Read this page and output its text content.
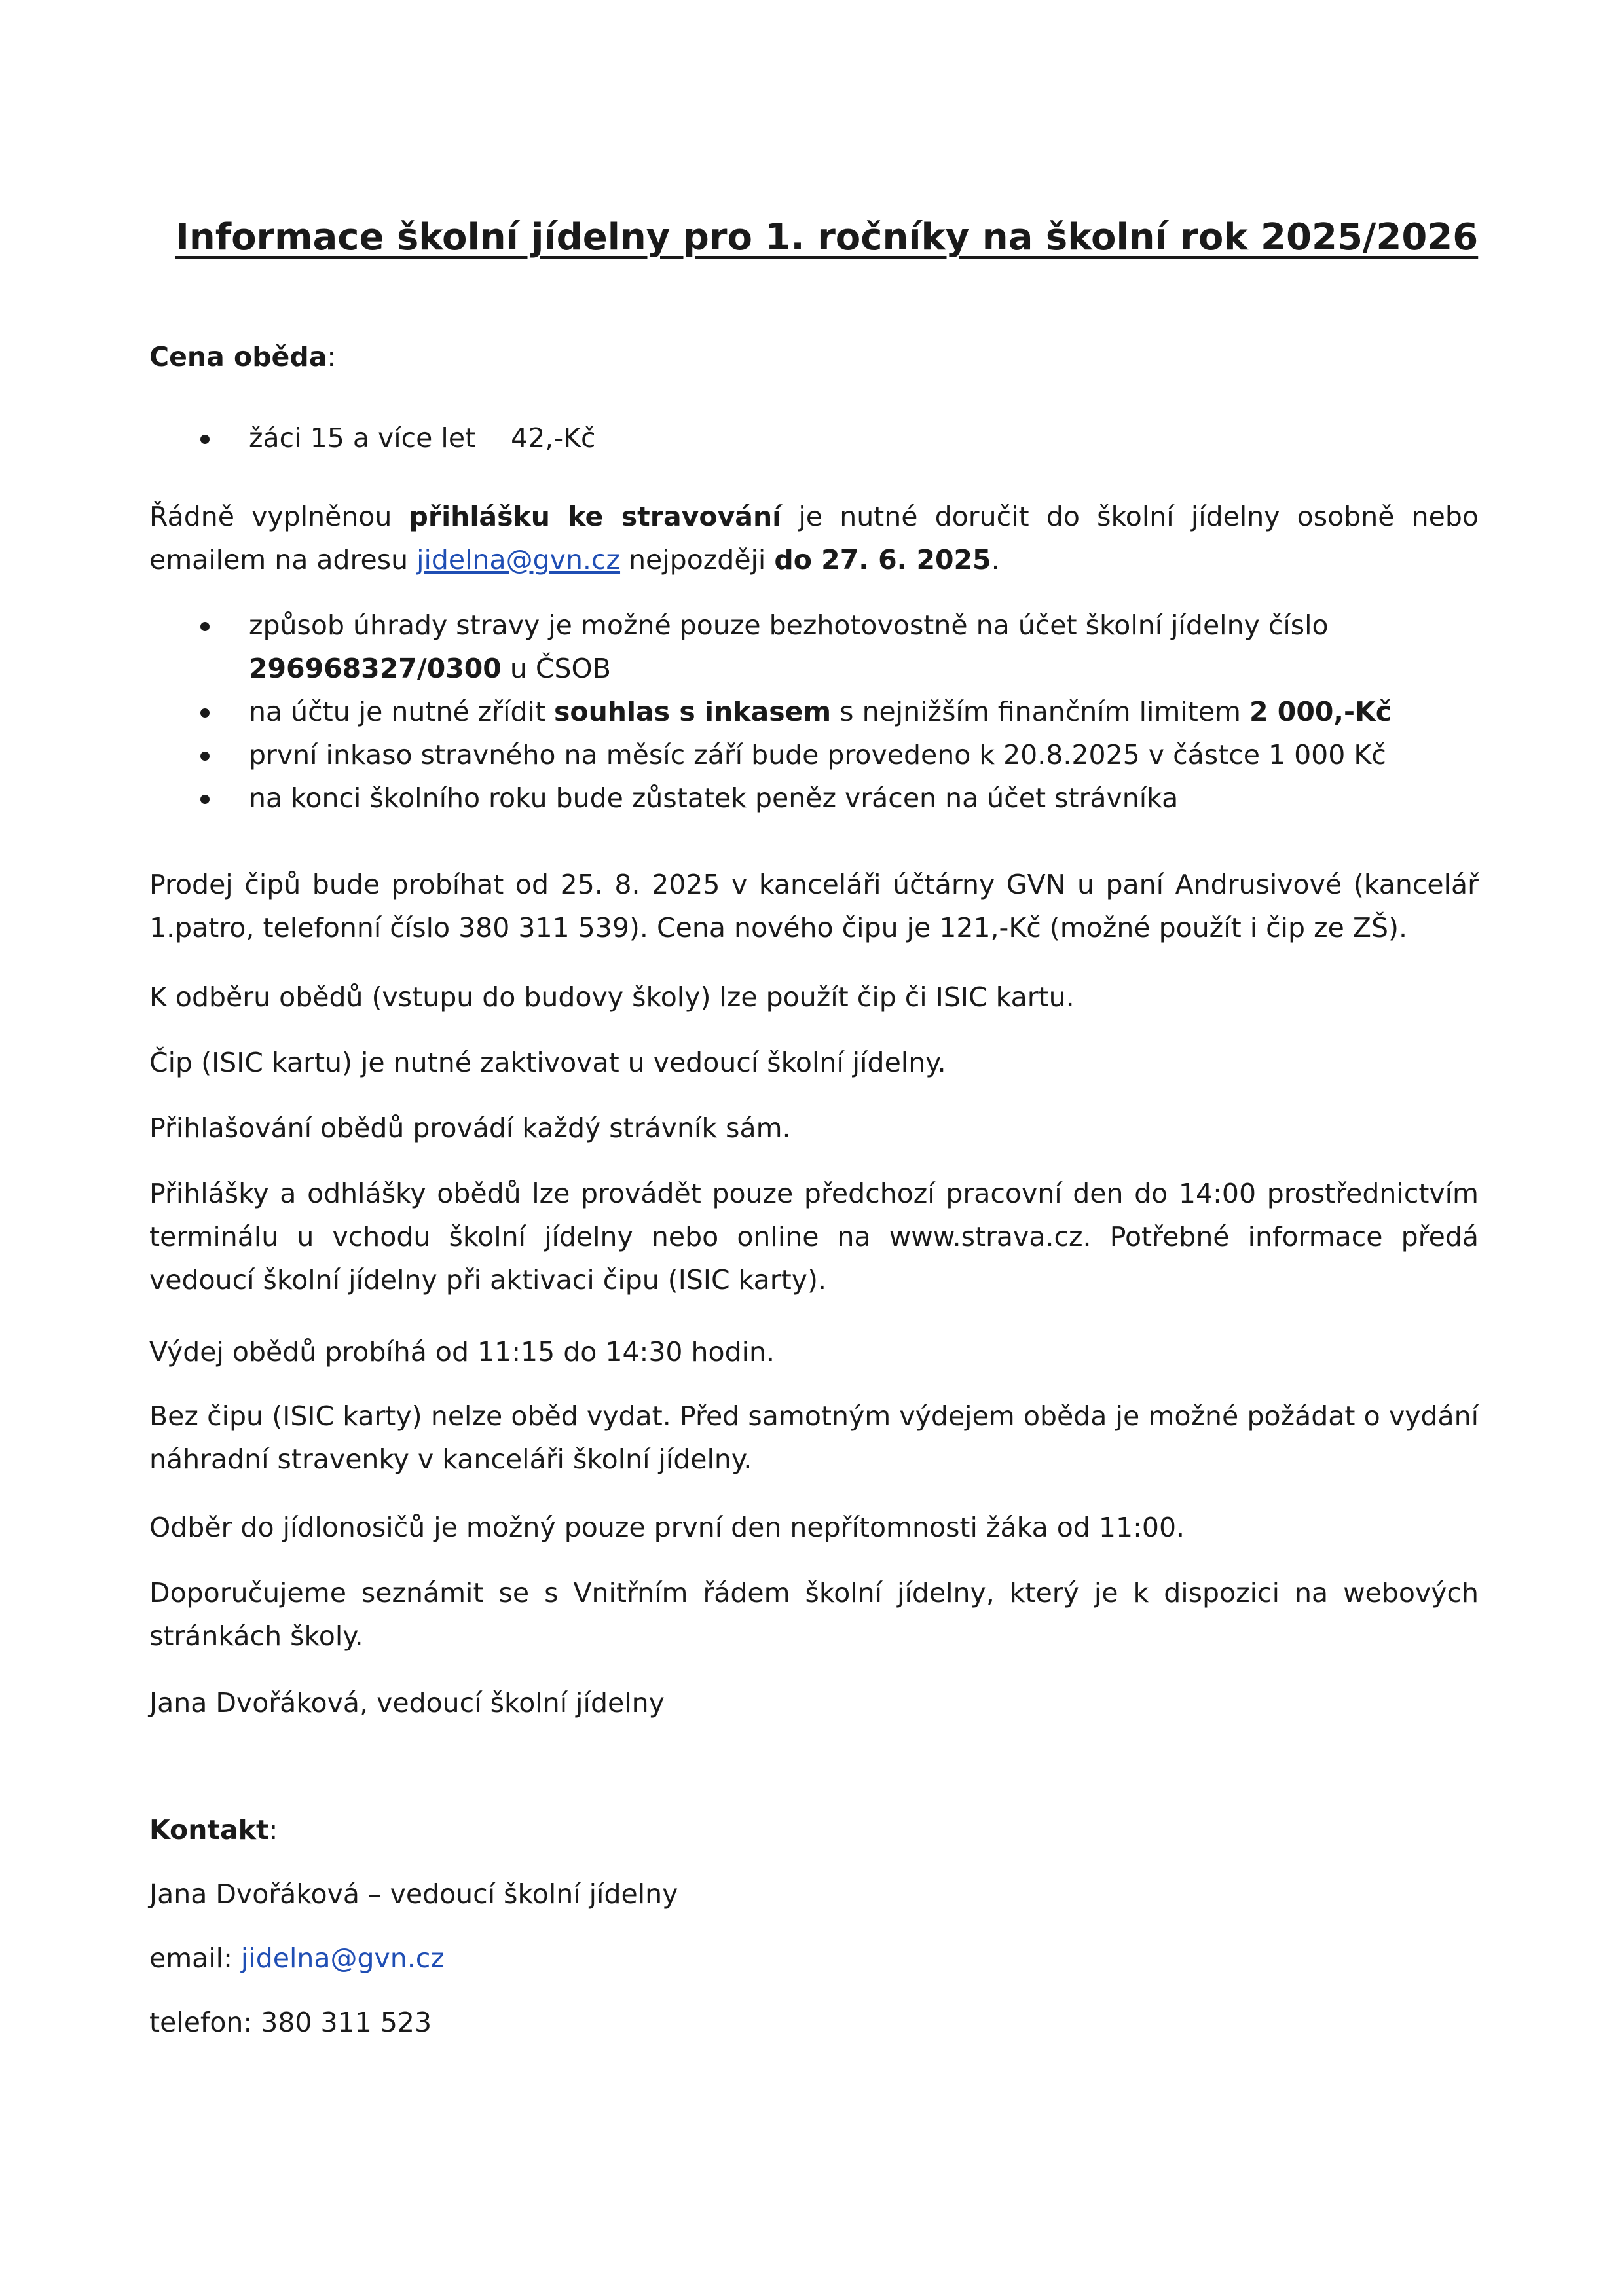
Informace školní jídelny pro 1. ročníky na školní rok 2025/2026

Cena oběda:

žáci 15 a více let 42,-Kč

Řádně vyplněnou přihlášku ke stravování je nutné doručit do školní jídelny osobně nebo emailem na adresu jidelna@gvn.cz nejpozději do 27. 6. 2025.

způsob úhrady stravy je možné pouze bezhotovostně na účet školní jídelny číslo 296968327/0300 u ČSOB
na účtu je nutné zřídit souhlas s inkasem s nejnižším finančním limitem 2 000,-Kč
první inkaso stravného na měsíc září bude provedeno k 20.8.2025 v částce 1 000 Kč
na konci školního roku bude zůstatek peněz vrácen na účet strávníka

Prodej čipů bude probíhat od 25. 8. 2025 v kanceláři účtárny GVN u paní Andrusivové (kancelář 1.patro, telefonní číslo 380 311 539). Cena nového čipu je 121,-Kč (možné použít i čip ze ZŠ).

K odběru obědů (vstupu do budovy školy) lze použít čip či ISIC kartu.

Čip (ISIC kartu) je nutné zaktivovat u vedoucí školní jídelny.

Přihlašování obědů provádí každý strávník sám.

Přihlášky a odhlášky obědů lze provádět pouze předchozí pracovní den do 14:00 prostřednictvím terminálu u vchodu školní jídelny nebo online na www.strava.cz. Potřebné informace předá vedoucí školní jídelny při aktivaci čipu (ISIC karty).

Výdej obědů probíhá od 11:15 do 14:30 hodin.

Bez čipu (ISIC karty) nelze oběd vydat. Před samotným výdejem oběda je možné požádat o vydání náhradní stravenky v kanceláři školní jídelny.

Odběr do jídlonosičů je možný pouze první den nepřítomnosti žáka od 11:00.

Doporučujeme seznámit se s Vnitřním řádem školní jídelny, který je k dispozici na webových stránkách školy.

Jana Dvořáková, vedoucí školní jídelny

Kontakt:

Jana Dvořáková – vedoucí školní jídelny

email: jidelna@gvn.cz

telefon: 380 311 523
